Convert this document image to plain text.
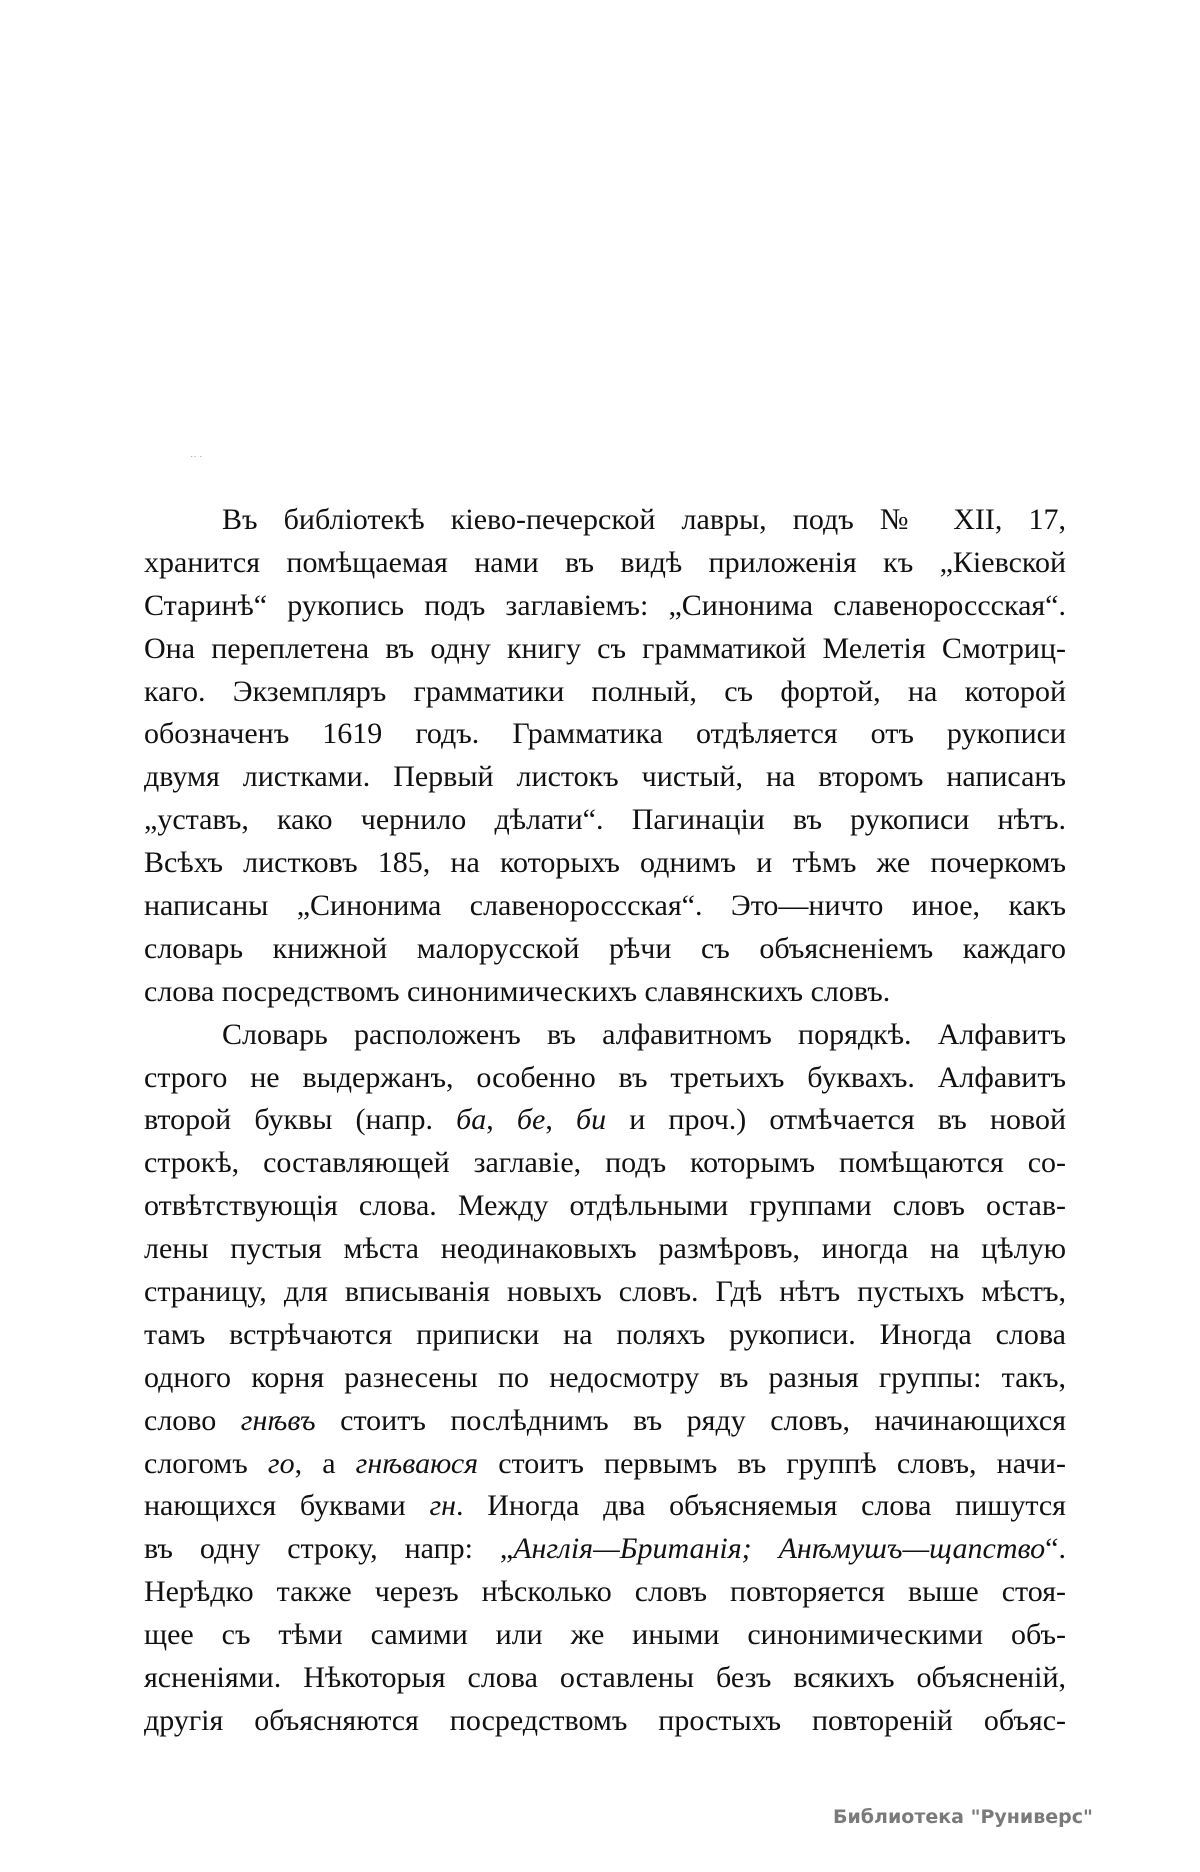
˙˙ ˙
Въ библіотекѣ кіево-печерской лавры, подъ № XII, 17,
хранится помѣщаемая нами въ видѣ приложенія къ „Кіевской
Старинѣ“ рукопись подъ заглавіемъ: „Синонима славенороссская“.
Она переплетена въ одну книгу съ грамматикой Мелетія Смотриц-
каго. Экземпляръ грамматики полный, съ фортой, на которой
обозначенъ 1619 годъ. Грамматика отдѣляется отъ рукописи
двумя листками. Первый листокъ чистый, на второмъ написанъ
„уставъ, како чернило дѣлати“. Пагинаціи въ рукописи нѣтъ.
Всѣхъ листковъ 185, на которыхъ однимъ и тѣмъ же почеркомъ
написаны „Синонима славенороссская“. Это—ничто иное, какъ
словарь книжной малорусской рѣчи съ объясненіемъ каждаго
слова посредствомъ синонимическихъ славянскихъ словъ.
Словарь расположенъ въ алфавитномъ порядкѣ. Алфавитъ
строго не выдержанъ, особенно въ третьихъ буквахъ. Алфавитъ
второй буквы (напр. ба, бе, би и проч.) отмѣчается въ новой
строкѣ, составляющей заглавіе, подъ которымъ помѣщаются со-
отвѣтствующія слова. Между отдѣльными группами словъ остав-
лены пустыя мѣста неодинаковыхъ размѣровъ, иногда на цѣлую
страницу, для вписыванія новыхъ словъ. Гдѣ нѣтъ пустыхъ мѣстъ,
тамъ встрѣчаются приписки на поляхъ рукописи. Иногда слова
одного корня разнесены по недосмотру въ разныя группы: такъ,
слово гнѣвъ стоитъ послѣднимъ въ ряду словъ, начинающихся
слогомъ го, а гнѣваюся стоитъ первымъ въ группѣ словъ, начи-
нающихся буквами гн. Иногда два объясняемыя слова пишутся
въ одну строку, напр: „Англія—Британія; Анѣмушъ—щапство“.
Нерѣдко также черезъ нѣсколько словъ повторяется выше стоя-
щее съ тѣми самими или же иными синонимическими объ-
ясненіями. Нѣкоторыя слова оставлены безъ всякихъ объясненій,
другія объясняются посредствомъ простыхъ повтореній объяс-
Библиотека "Руниверс"
